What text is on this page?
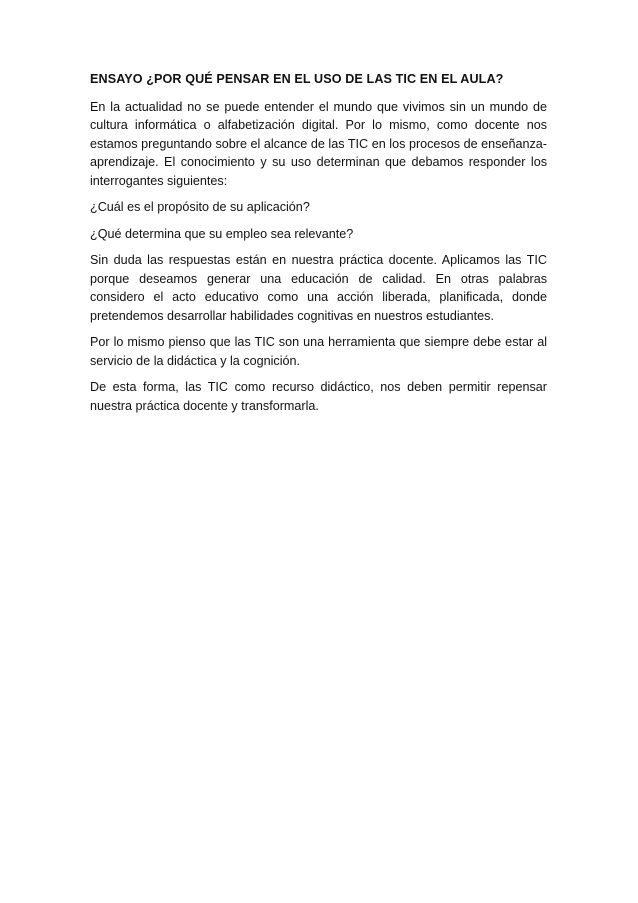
ENSAYO ¿POR QUÉ PENSAR EN EL USO DE LAS TIC EN EL AULA?

En la actualidad no se puede entender el mundo que vivimos sin un mundo de cultura informática o alfabetización digital. Por lo mismo, como docente nos estamos preguntando sobre el alcance de las TIC en los procesos de enseñanza- aprendizaje. El conocimiento y su uso determinan que debamos responder los interrogantes siguientes:

¿Cuál es el propósito de su aplicación?

¿Qué determina que su empleo sea relevante?

Sin duda las respuestas están en nuestra práctica docente. Aplicamos las TIC porque deseamos generar una educación de calidad. En otras palabras considero el acto educativo como una acción liberada, planificada, donde pretendemos desarrollar habilidades cognitivas en nuestros estudiantes.

Por lo mismo pienso que las TIC son una herramienta que siempre debe estar al servicio de la didáctica y la cognición.

De esta forma, las TIC como recurso didáctico, nos deben permitir repensar nuestra práctica docente y transformarla.
